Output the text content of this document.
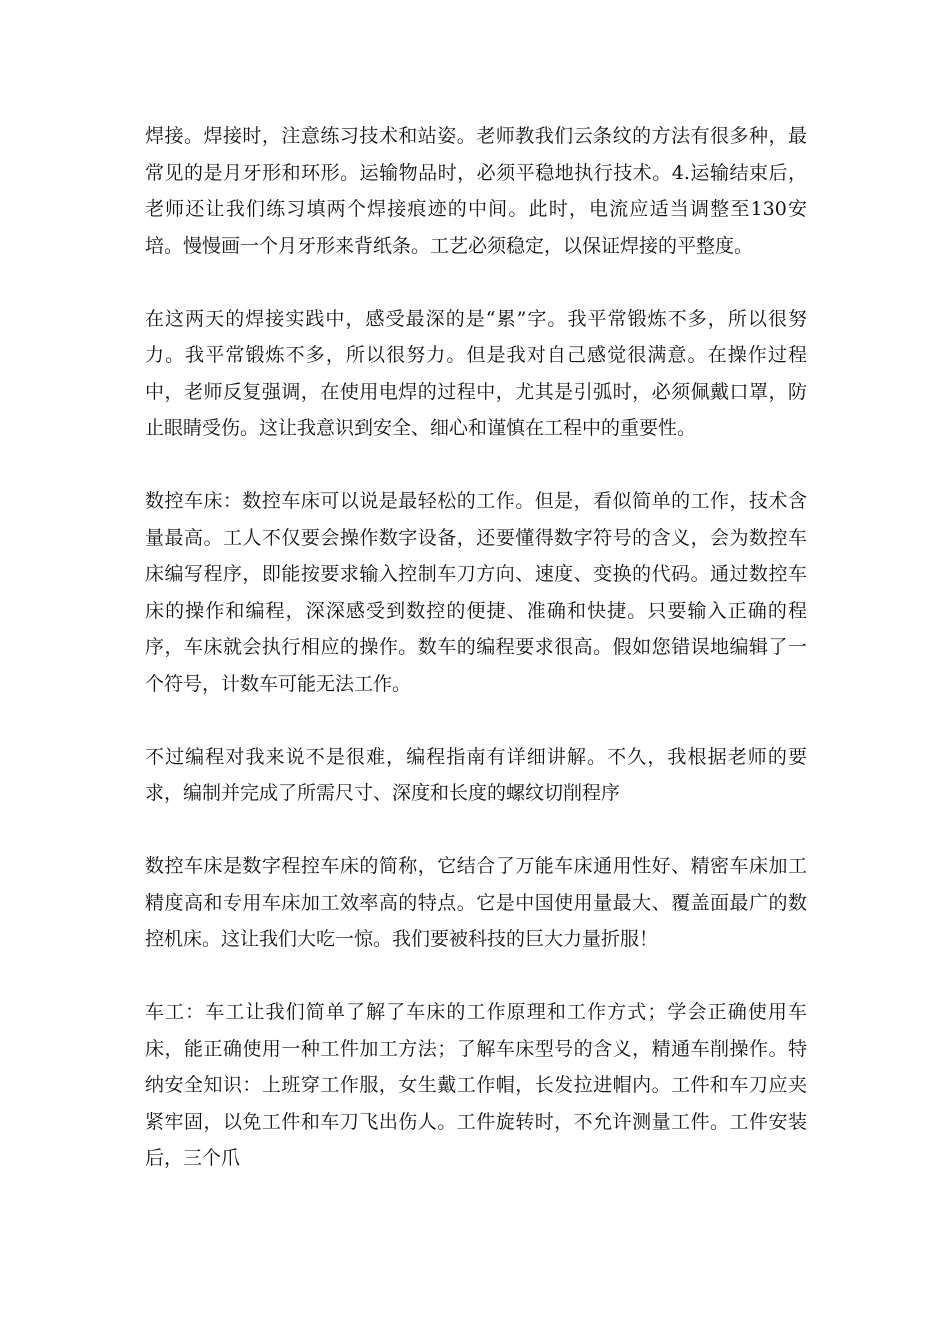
焊接。焊接时，注意练习技术和站姿。老师教我们云条纹的方法有很多种，最常见的是月牙形和环形。运输物品时，必须平稳地执行技术。4.运输结束后，老师还让我们练习填两个焊接痕迹的中间。此时，电流应适当调整至130安培。慢慢画一个月牙形来背纸条。工艺必须稳定，以保证焊接的平整度。

在这两天的焊接实践中，感受最深的是“累”字。我平常锻炼不多，所以很努力。我平常锻炼不多，所以很努力。但是我对自己感觉很满意。在操作过程中，老师反复强调，在使用电焊的过程中，尤其是引弧时，必须佩戴口罩，防止眼睛受伤。这让我意识到安全、细心和谨慎在工程中的重要性。

数控车床：数控车床可以说是最轻松的工作。但是，看似简单的工作，技术含量最高。工人不仅要会操作数字设备，还要懂得数字符号的含义，会为数控车床编写程序，即能按要求输入控制车刀方向、速度、变换的代码。通过数控车床的操作和编程，深深感受到数控的便捷、准确和快捷。只要输入正确的程序，车床就会执行相应的操作。数车的编程要求很高。假如您错误地编辑了一个符号，计数车可能无法工作。

不过编程对我来说不是很难，编程指南有详细讲解。不久，我根据老师的要求，编制并完成了所需尺寸、深度和长度的螺纹切削程序

数控车床是数字程控车床的简称，它结合了万能车床通用性好、精密车床加工精度高和专用车床加工效率高的特点。它是中国使用量最大、覆盖面最广的数控机床。这让我们大吃一惊。我们要被科技的巨大力量折服！

车工：车工让我们简单了解了车床的工作原理和工作方式；学会正确使用车床，能正确使用一种工件加工方法；了解车床型号的含义，精通车削操作。特纳安全知识：上班穿工作服，女生戴工作帽，长发拉进帽内。工件和车刀应夹紧牢固，以免工件和车刀飞出伤人。工件旋转时，不允许测量工件。工件安装后，三个爪
